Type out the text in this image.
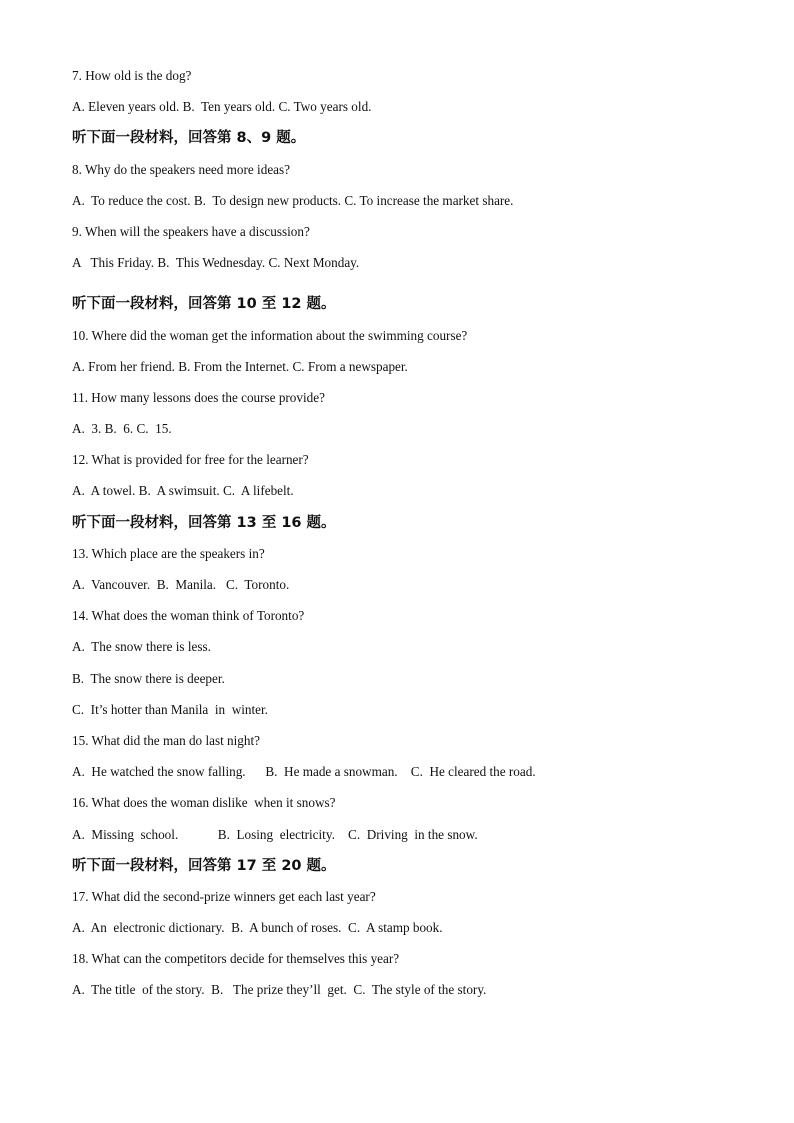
7. How old is the dog?
A. Eleven years old. B.  Ten years old. C. Two years old.
听下面一段材料，回答第 8、9 题。
8. Why do the speakers need more ideas?
A.  To reduce the cost. B.  To design new products. C. To increase the market share.
9. When will the speakers have a discussion?
A   This Friday. B.  This Wednesday. C. Next Monday.
听下面一段材料，回答第 10 至 12 题。
10. Where did the woman get the information about the swimming course?
A. From her friend. B. From the Internet. C. From a newspaper.
11. How many lessons does the course provide?
A.  3. B.  6. C.  15.
12. What is provided for free for the learner?
A.  A towel. B.  A swimsuit. C.  A lifebelt.
听下面一段材料，回答第 13 至 16 题。
13. Which place are the speakers in?
A.  Vancouver.  B.  Manila.   C.  Toronto.
14. What does the woman think of Toronto?
A.  The snow there is less.
B.  The snow there is deeper.
C.  It’s hotter than Manila  in  winter.
15. What did the man do last night?
A.  He watched the snow falling.      B.  He made a snowman.    C.  He cleared the road.
16. What does the woman dislike  when it snows?
A.  Missing  school.            B.  Losing  electricity.    C.  Driving  in the snow.
听下面一段材料，回答第 17 至 20 题。
17. What did the second-prize winners get each last year?
A.  An  electronic dictionary.  B.  A bunch of roses.  C.  A stamp book.
18. What can the competitors decide for themselves this year?
A.  The title  of the story.  B.   The prize they’ll  get.  C.  The style of the story.
